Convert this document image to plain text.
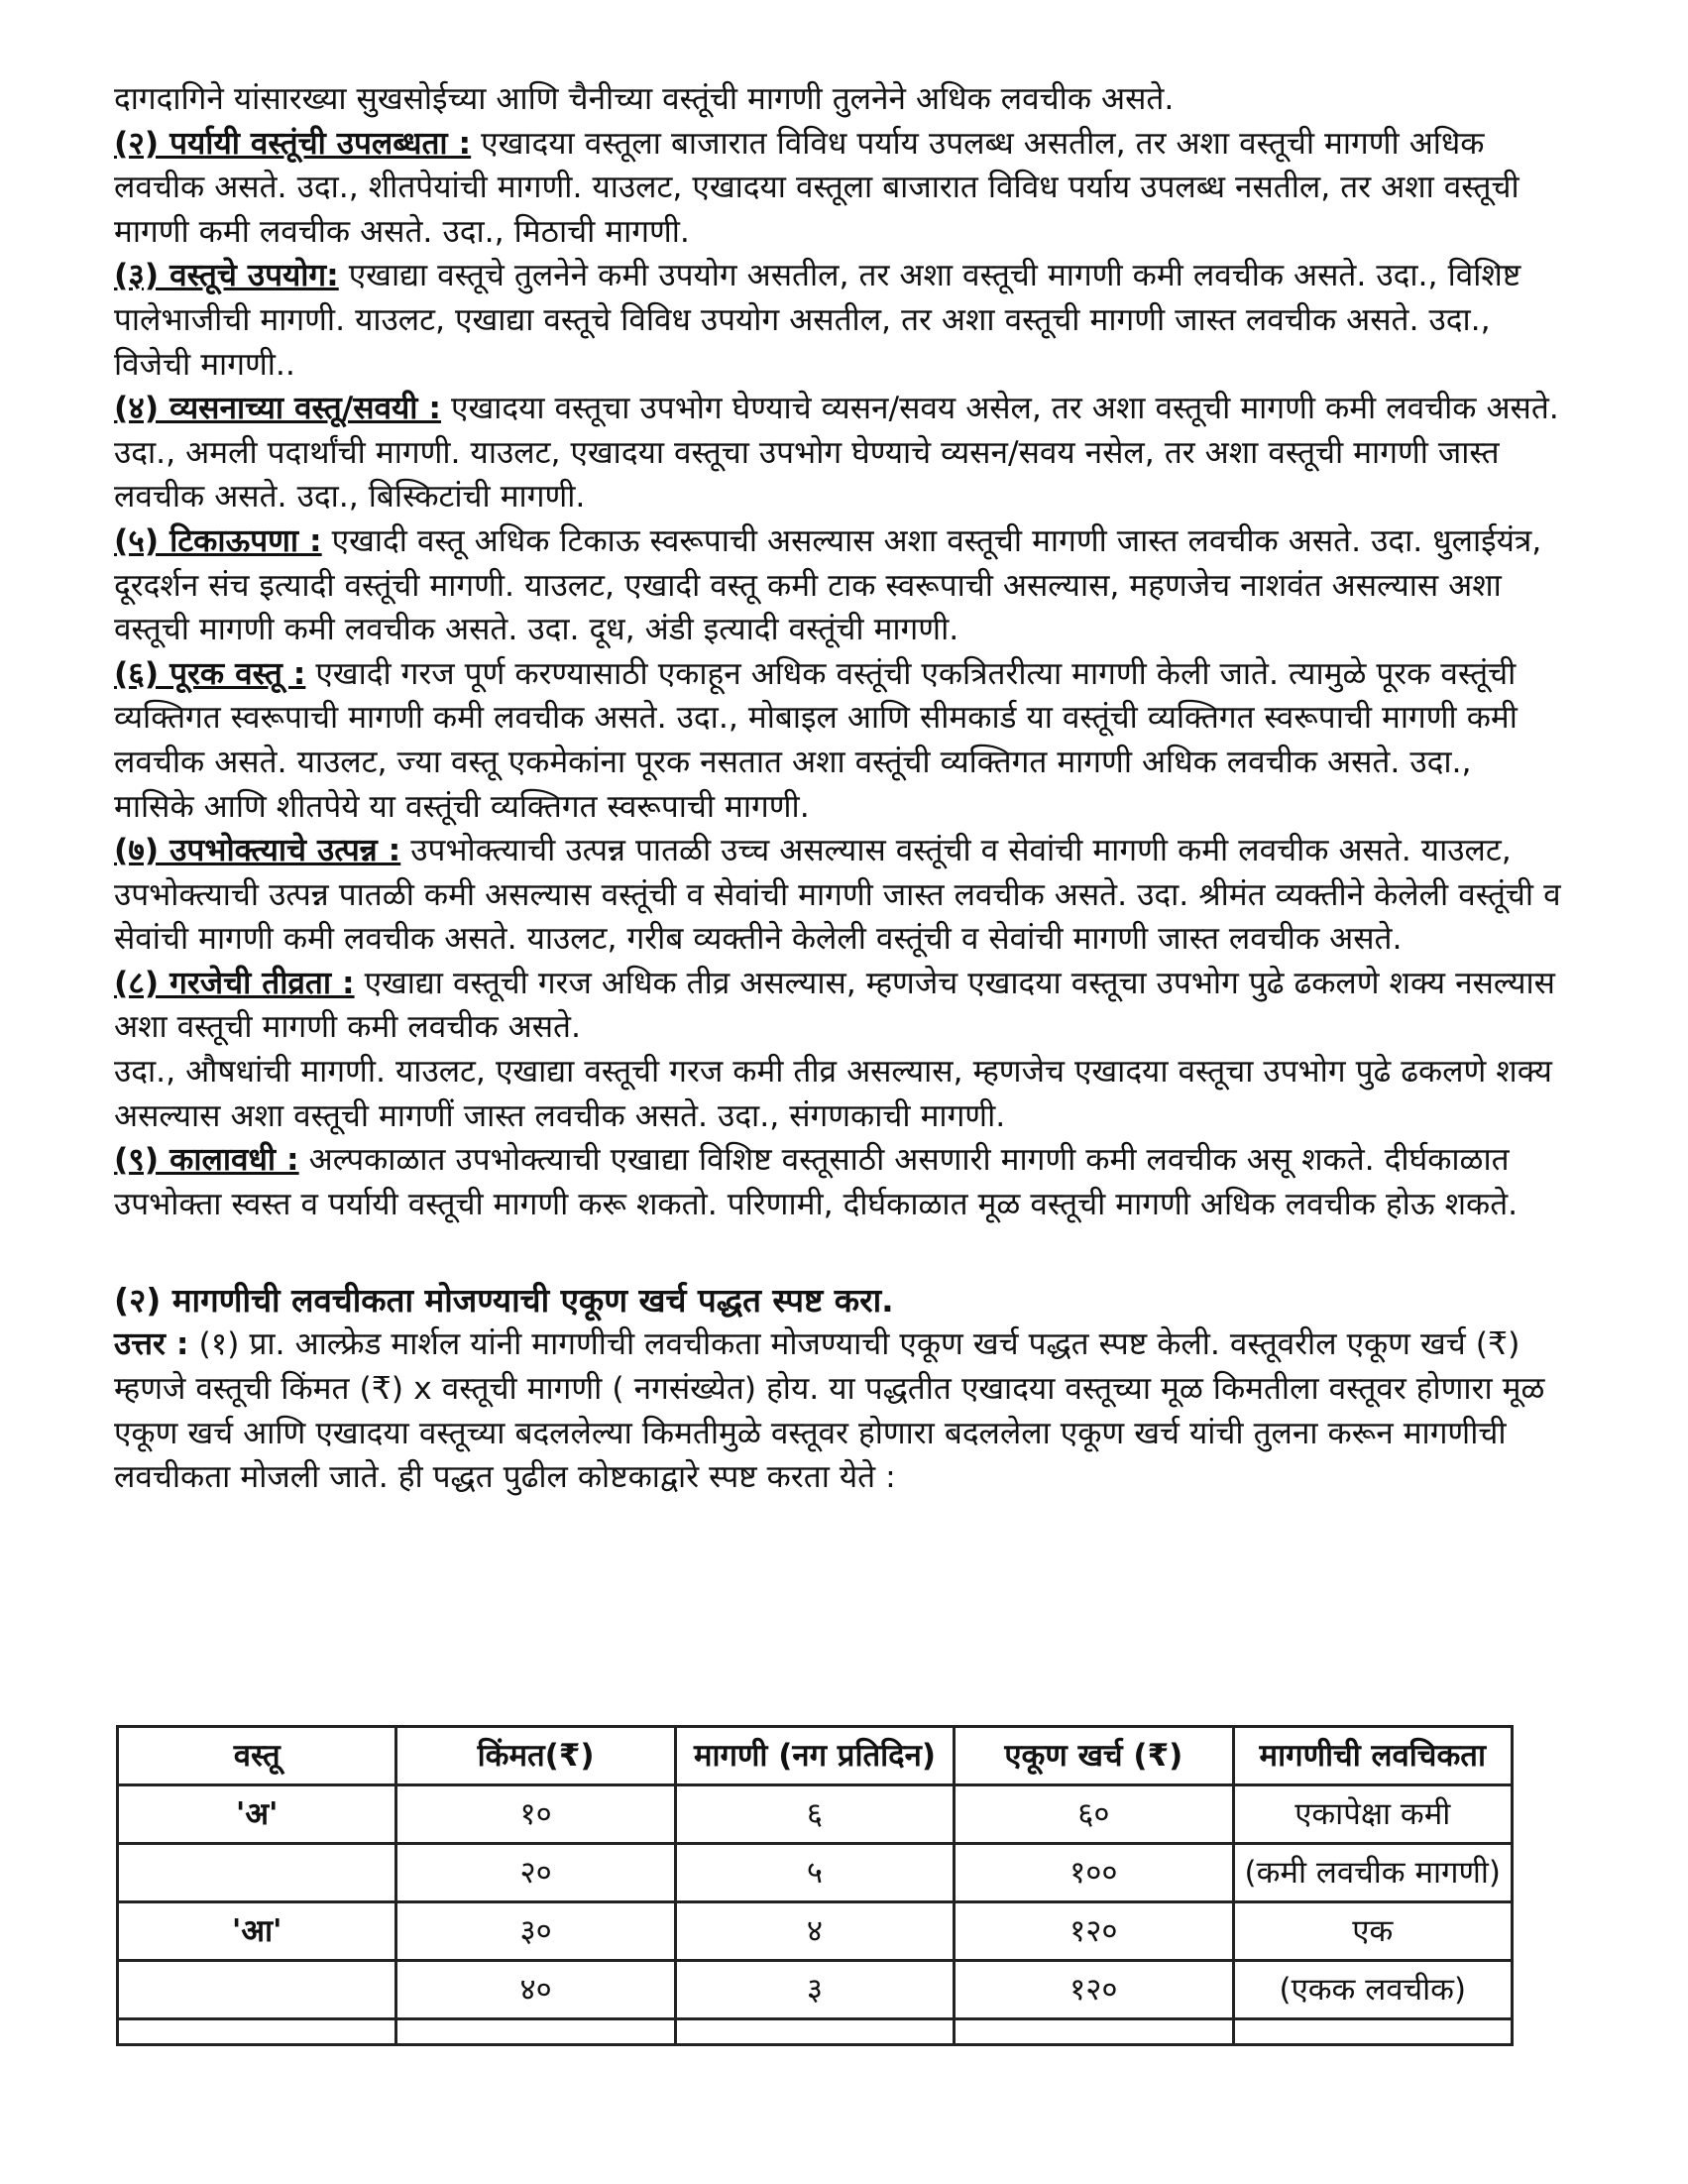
दागदागिने यांसारख्या सुखसोईच्या आणि चैनीच्या वस्तूंची मागणी तुलनेने अधिक लवचीक असते.

(२) पर्यायी वस्तूंची उपलब्धता : एखादया वस्तूला बाजारात विविध पर्याय उपलब्ध असतील, तर अशा वस्तूची मागणी अधिक लवचीक असते. उदा., शीतपेयांची मागणी. याउलट, एखादया वस्तूला बाजारात विविध पर्याय उपलब्ध नसतील, तर अशा वस्तूची मागणी कमी लवचीक असते. उदा., मिठाची मागणी.

(३) वस्तूचे उपयोग: एखाद्या वस्तूचे तुलनेने कमी उपयोग असतील, तर अशा वस्तूची मागणी कमी लवचीक असते. उदा., विशिष्ट पालेभाजीची मागणी. याउलट, एखाद्या वस्तूचे विविध उपयोग असतील, तर अशा वस्तूची मागणी जास्त लवचीक असते. उदा., विजेची मागणी..

(४) व्यसनाच्या वस्तू/सवयी : एखादया वस्तूचा उपभोग घेण्याचे व्यसन/सवय असेल, तर अशा वस्तूची मागणी कमी लवचीक असते. उदा., अमली पदार्थांची मागणी. याउलट, एखादया वस्तूचा उपभोग घेण्याचे व्यसन/सवय नसेल, तर अशा वस्तूची मागणी जास्त लवचीक असते. उदा., बिस्किटांची मागणी.

(५) टिकाऊपणा : एखादी वस्तू अधिक टिकाऊ स्वरूपाची असल्यास अशा वस्तूची मागणी जास्त लवचीक असते. उदा. धुलाईयंत्र, दूरदर्शन संच इत्यादी वस्तूंची मागणी. याउलट, एखादी वस्तू कमी टाक स्वरूपाची असल्यास, महणजेच नाशवंत असल्यास अशा वस्तूची मागणी कमी लवचीक असते. उदा. दूध, अंडी इत्यादी वस्तूंची मागणी.

(६) पूरक वस्तू : एखादी गरज पूर्ण करण्यासाठी एकाहून अधिक वस्तूंची एकत्रितरीत्या मागणी केली जाते. त्यामुळे पूरक वस्तूंची व्यक्तिगत स्वरूपाची मागणी कमी लवचीक असते. उदा., मोबाइल आणि सीमकार्ड या वस्तूंची व्यक्तिगत स्वरूपाची मागणी कमी लवचीक असते. याउलट, ज्या वस्तू एकमेकांना पूरक नसतात अशा वस्तूंची व्यक्तिगत मागणी अधिक लवचीक असते. उदा., मासिके आणि शीतपेये या वस्तूंची व्यक्तिगत स्वरूपाची मागणी.

(७) उपभोक्त्याचे उत्पन्न : उपभोक्त्याची उत्पन्न पातळी उच्च असल्यास वस्तूंची व सेवांची मागणी कमी लवचीक असते. याउलट, उपभोक्त्याची उत्पन्न पातळी कमी असल्यास वस्तूंची व सेवांची मागणी जास्त लवचीक असते. उदा. श्रीमंत व्यक्तीने केलेली वस्तूंची व सेवांची मागणी कमी लवचीक असते. याउलट, गरीब व्यक्तीने केलेली वस्तूंची व सेवांची मागणी जास्त लवचीक असते.

(८) गरजेची तीव्रता : एखाद्या वस्तूची गरज अधिक तीव्र असल्यास, म्हणजेच एखादया वस्तूचा उपभोग पुढे ढकलणे शक्य नसल्यास अशा वस्तूची मागणी कमी लवचीक असते.

उदा., औषधांची मागणी. याउलट, एखाद्या वस्तूची गरज कमी तीव्र असल्यास, म्हणजेच एखादया वस्तूचा उपभोग पुढे ढकलणे शक्य असल्यास अशा वस्तूची मागणीं जास्त लवचीक असते. उदा., संगणकाची मागणी.

(९) कालावधी : अल्पकाळात उपभोक्त्याची एखाद्या विशिष्ट वस्तूसाठी असणारी मागणी कमी लवचीक असू शकते. दीर्घकाळात उपभोक्ता स्वस्त व पर्यायी वस्तूची मागणी करू शकतो. परिणामी, दीर्घकाळात मूळ वस्तूची मागणी अधिक लवचीक होऊ शकते.

(२) मागणीची लवचीकता मोजण्याची एकूण खर्च पद्धत स्पष्ट करा.

उत्तर : (१) प्रा. आल्फ्रेड मार्शल यांनी मागणीची लवचीकता मोजण्याची एकूण खर्च पद्धत स्पष्ट केली. वस्तूवरील एकूण खर्च (₹) म्हणजे वस्तूची किंमत (₹) x वस्तूची मागणी ( नगसंख्येत) होय. या पद्धतीत एखादया वस्तूच्या मूळ किमतीला वस्तूवर होणारा मूळ एकूण खर्च आणि एखादया वस्तूच्या बदललेल्या किमतीमुळे वस्तूवर होणारा बदललेला एकूण खर्च यांची तुलना करून मागणीची लवचीकता मोजली जाते. ही पद्धत पुढील कोष्टकाद्वारे स्पष्ट करता येते :

वस्तू	किंमत(₹)	मागणी (नग प्रतिदिन)	एकूण खर्च (₹)	मागणीची लवचिकता
'अ'	१०	६	६०	एकापेक्षा कमी
	२०	५	१००	(कमी लवचीक मागणी)
'आ'	३०	४	१२०	एक
	४०	३	१२०	(एकक लवचीक)
